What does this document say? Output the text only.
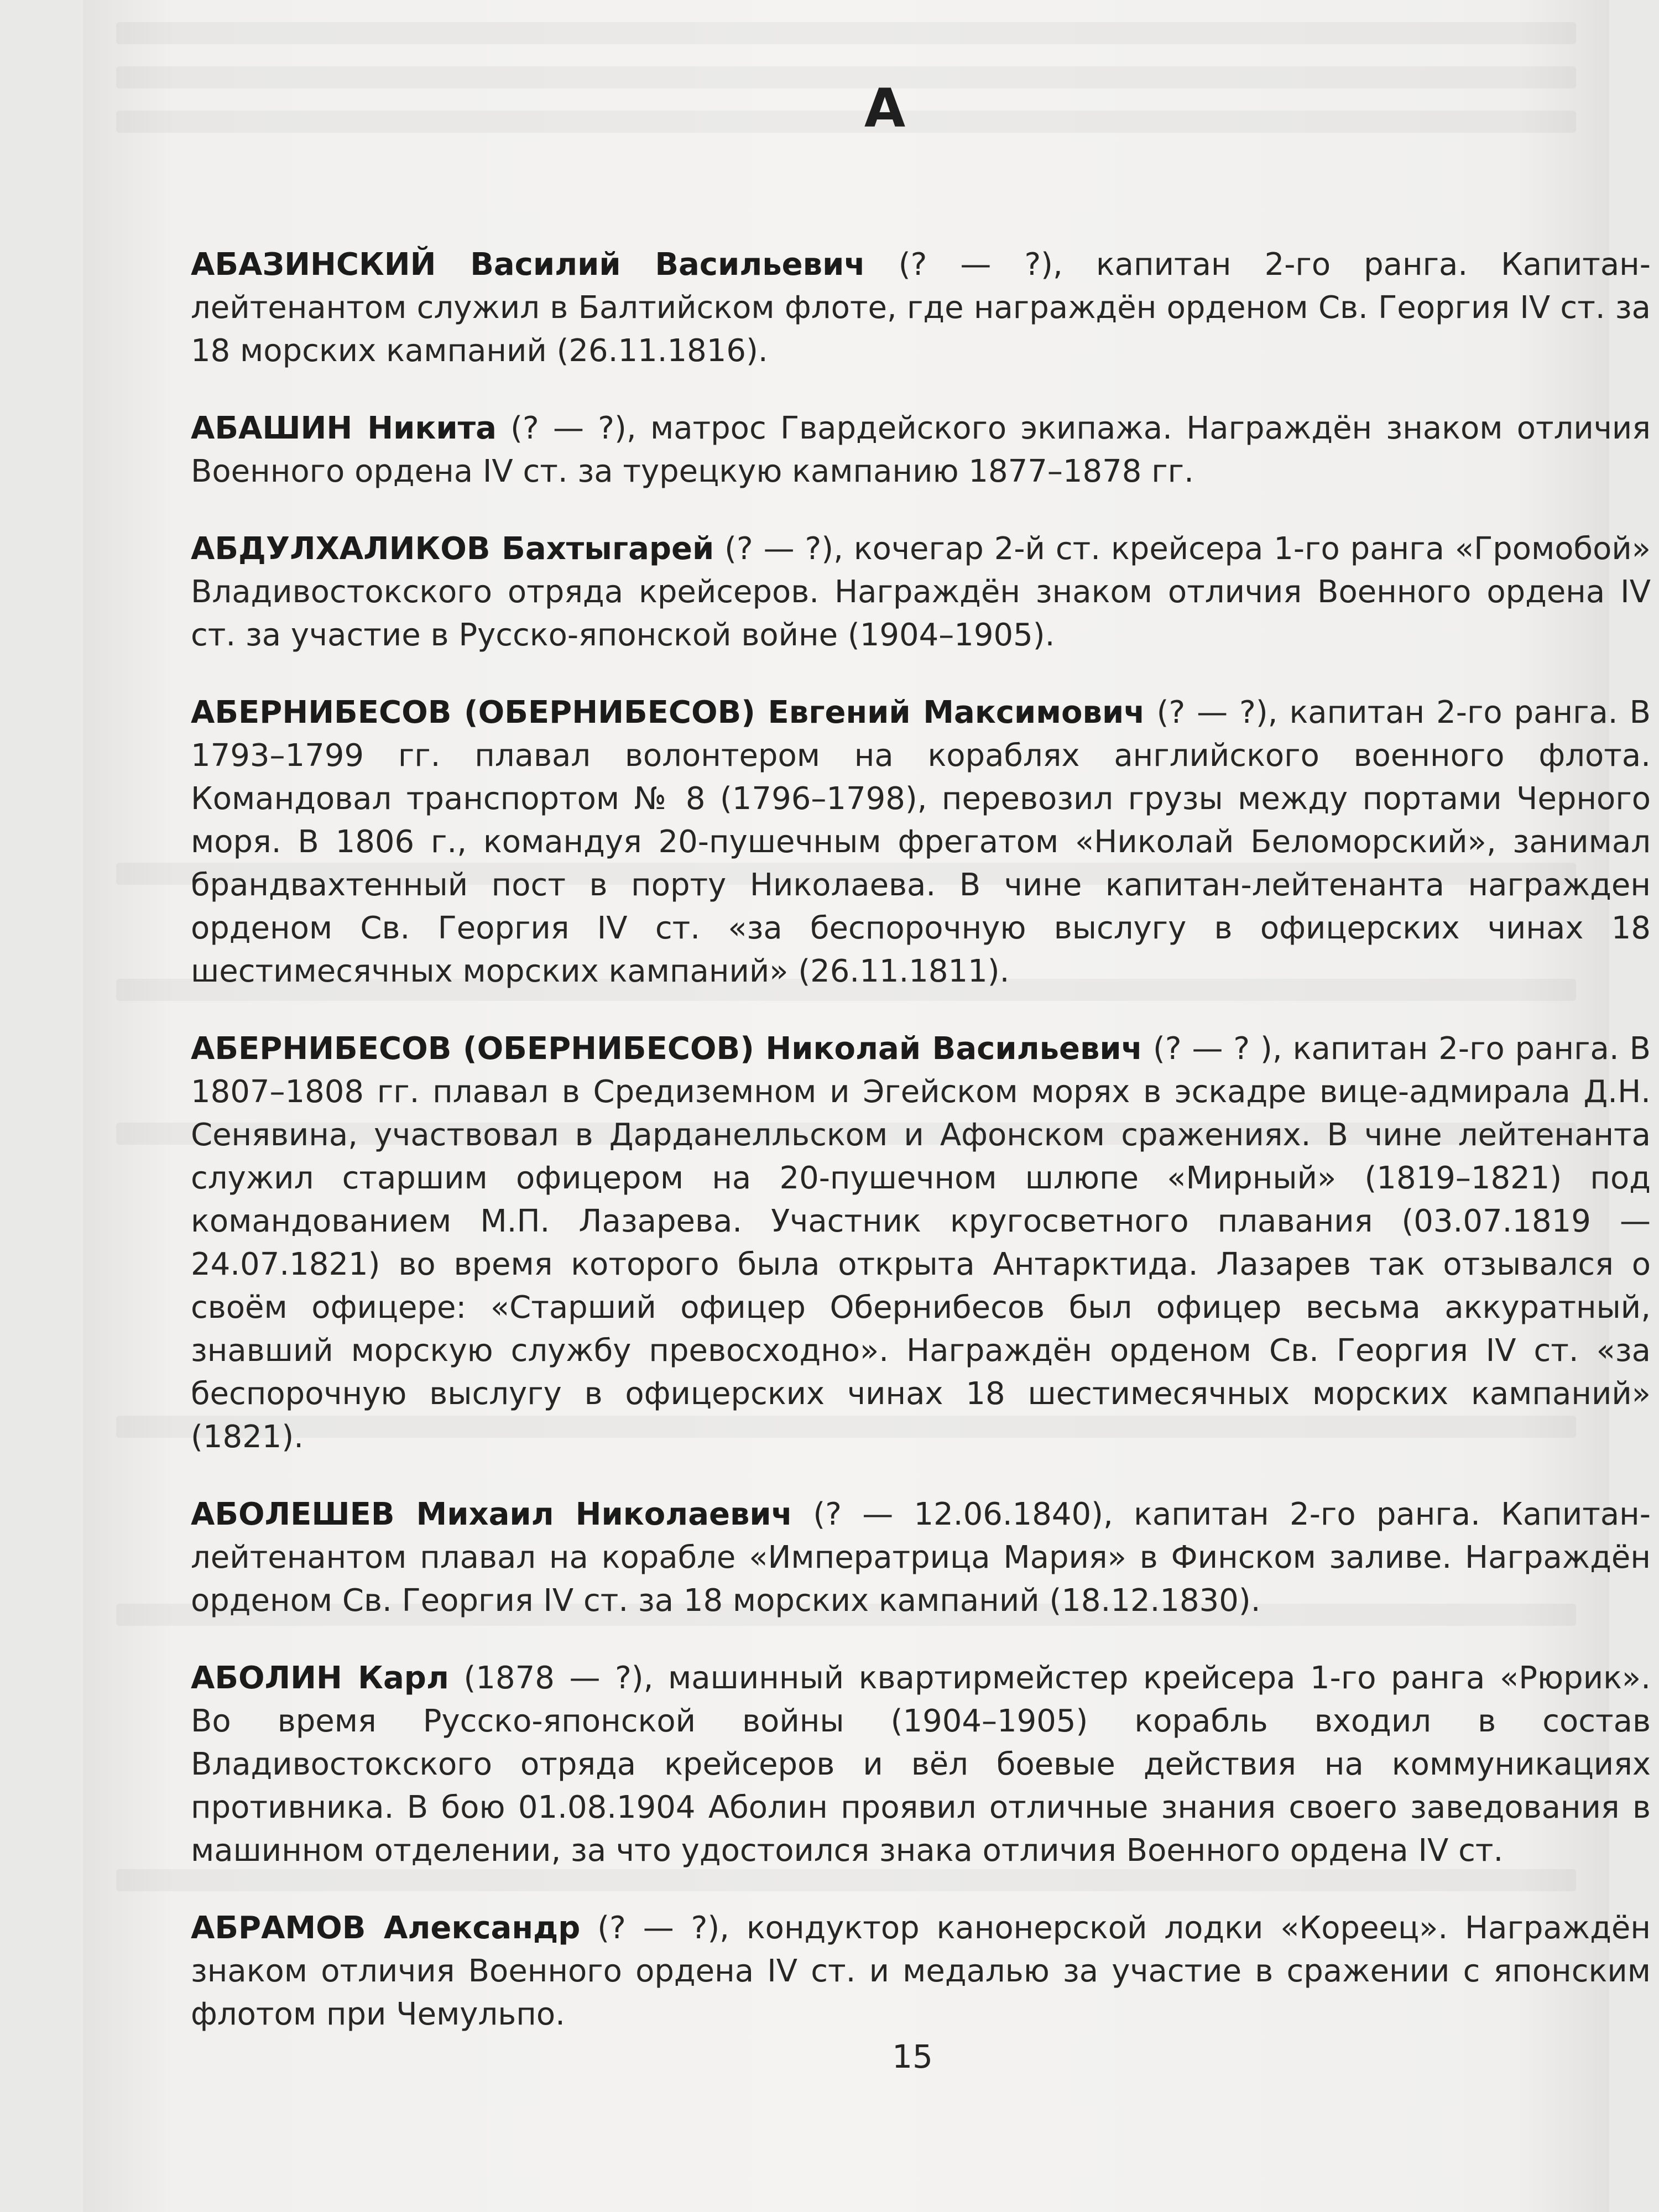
А

АБАЗИНСКИЙ Василий Васильевич (? — ?), капитан 2-го ранга. Капитан-лейтенантом служил в Балтийском флоте, где награждён орденом Св. Георгия IV ст. за 18 морских кампаний (26.11.1816).

АБАШИН Никита (? — ?), матрос Гвардейского экипажа. Награждён знаком отличия Военного ордена IV ст. за турецкую кампанию 1877–1878 гг.

АБДУЛХАЛИКОВ Бахтыгарей (? — ?), кочегар 2-й ст. крейсера 1-го ранга «Громобой» Владивостокского отряда крейсеров. Награждён знаком отличия Военного ордена IV ст. за участие в Русско-японской войне (1904–1905).

АБЕРНИБЕСОВ (ОБЕРНИБЕСОВ) Евгений Максимович (? — ?), капитан 2-го ранга. В 1793–1799 гг. плавал волонтером на кораблях английского военного флота. Командовал транспортом № 8 (1796–1798), перевозил грузы между портами Черного моря. В 1806 г., командуя 20-пушечным фрегатом «Николай Беломорский», занимал брандвахтенный пост в порту Николаева. В чине капитан-лейтенанта награжден орденом Св. Георгия IV ст. «за беспорочную выслугу в офицерских чинах 18 шестимесячных морских кампаний» (26.11.1811).

АБЕРНИБЕСОВ (ОБЕРНИБЕСОВ) Николай Васильевич (? — ? ), капитан 2-го ранга. В 1807–1808 гг. плавал в Средиземном и Эгейском морях в эскадре вице-адмирала Д.Н. Сенявина, участвовал в Дарданелльском и Афонском сражениях. В чине лейтенанта служил старшим офицером на 20-пушечном шлюпе «Мирный» (1819–1821) под командованием М.П. Лазарева. Участник кругосветного плавания (03.07.1819 — 24.07.1821) во время которого была открыта Антарктида. Лазарев так отзывался о своём офицере: «Старший офицер Обернибесов был офицер весьма аккуратный, знавший морскую службу превосходно». Награждён орденом Св. Георгия IV ст. «за беспорочную выслугу в офицерских чинах 18 шестимесячных морских кампаний» (1821).

АБОЛЕШЕВ Михаил Николаевич (? — 12.06.1840), капитан 2-го ранга. Капитан-лейтенантом плавал на корабле «Императрица Мария» в Финском заливе. Награждён орденом Св. Георгия IV ст. за 18 морских кампаний (18.12.1830).

АБОЛИН Карл (1878 — ?), машинный квартирмейстер крейсера 1-го ранга «Рюрик». Во время Русско-японской войны (1904–1905) корабль входил в состав Владивостокского отряда крейсеров и вёл боевые действия на коммуникациях противника. В бою 01.08.1904 Аболин проявил отличные знания своего заведования в машинном отделении, за что удостоился знака отличия Военного ордена IV ст.

АБРАМОВ Александр (? — ?), кондуктор канонерской лодки «Кореец». Награждён знаком отличия Военного ордена IV ст. и медалью за участие в сражении с японским флотом при Чемульпо.

15
